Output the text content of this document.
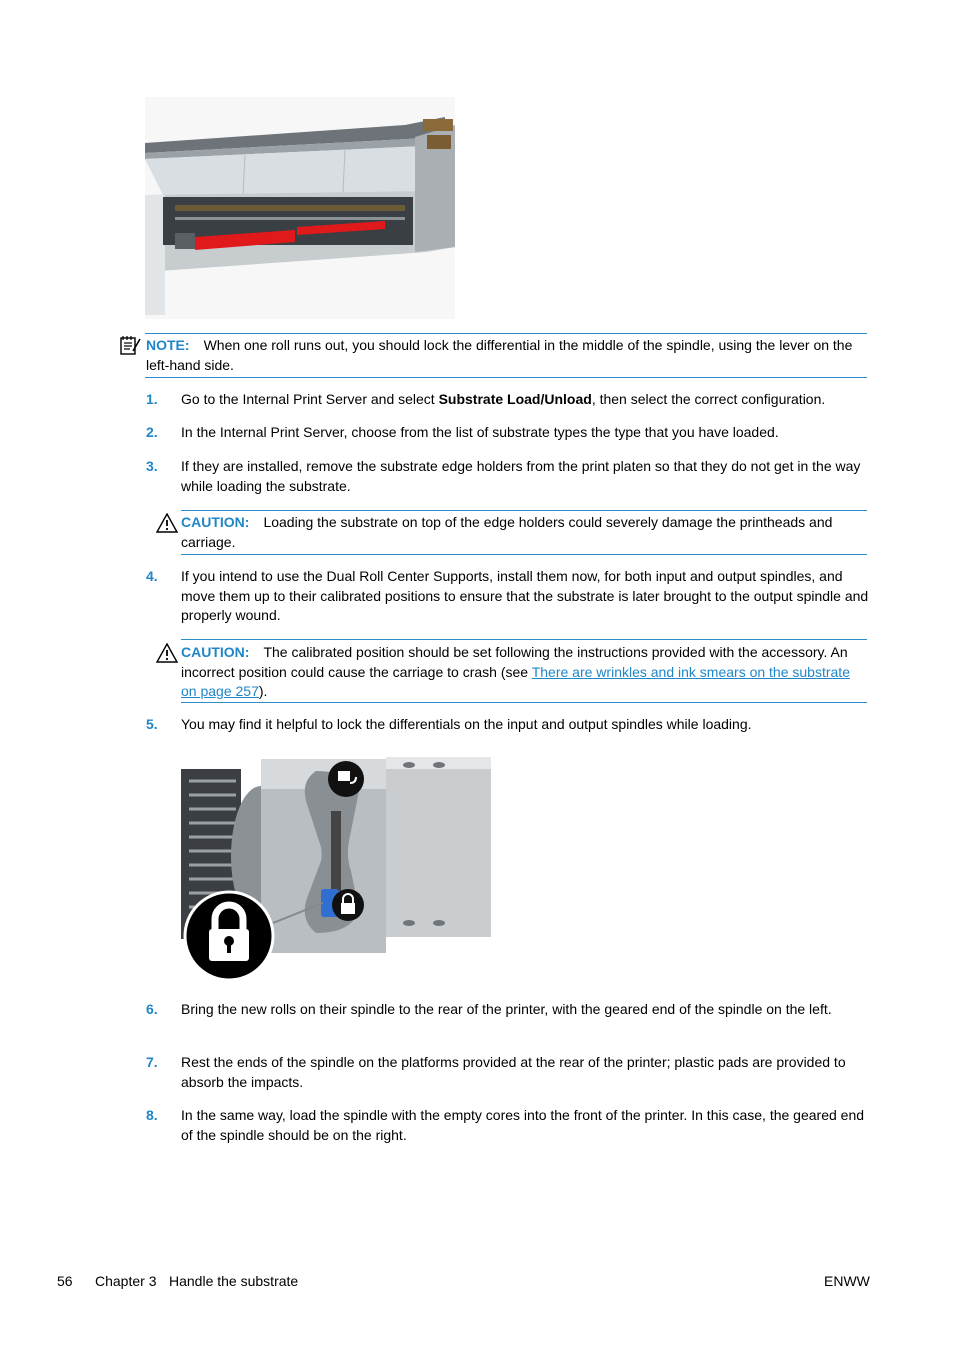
NOTE: When one roll runs out, you should lock the differential in the middle of the spindle, using the lever on the left-hand side.
1. Go to the Internal Print Server and select Substrate Load/Unload, then select the correct configuration.
2. In the Internal Print Server, choose from the list of substrate types the type that you have loaded.
3. If they are installed, remove the substrate edge holders from the print platen so that they do not get in the way while loading the substrate.
CAUTION: Loading the substrate on top of the edge holders could severely damage the printheads and carriage.
4. If you intend to use the Dual Roll Center Supports, install them now, for both input and output spindles, and move them up to their calibrated positions to ensure that the substrate is later brought to the output spindle and properly wound.
CAUTION: The calibrated position should be set following the instructions provided with the accessory. An incorrect position could cause the carriage to crash (see There are wrinkles and ink smears on the substrate on page 257).
5. You may find it helpful to lock the differentials on the input and output spindles while loading.
6. Bring the new rolls on their spindle to the rear of the printer, with the geared end of the spindle on the left.
7. Rest the ends of the spindle on the platforms provided at the rear of the printer; plastic pads are provided to absorb the impacts.
8. In the same way, load the spindle with the empty cores into the front of the printer. In this case, the geared end of the spindle should be on the right.
56 Chapter 3 Handle the substrate	ENWW
